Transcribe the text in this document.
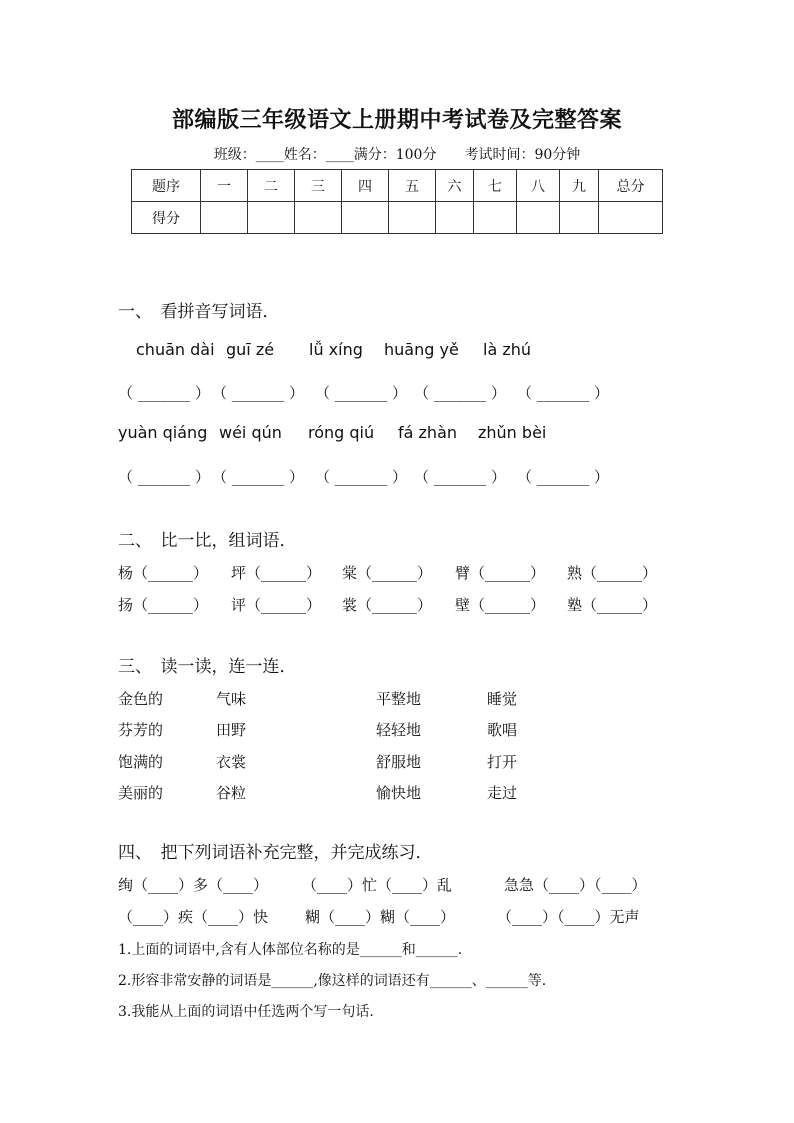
部编版三年级语文上册期中考试卷及完整答案
班级：____姓名：____满分：100分　　考试时间：90分钟
题序	一	二	三	四	五	六	七	八	九	总分
得分										
一、　看拼音写词语．
chuān dài guī zé lǚ xíng huāng yě là zhú
（ _______ ） （ _______ ） （ _______ ） （ _______ ） （ _______ ）
yuàn qiáng wéi qún róng qiú fá zhàn zhǔn bèi
（ _______ ） （ _______ ） （ _______ ） （ _______ ） （ _______ ）
二、　比一比，组词语．
杨（______） 坪（______） 棠（______） 臂（______） 熟（______）
扬（______） 评（______） 裳（______） 壁（______） 塾（______）
三、　读一读，连一连．
金色的	气味	平整地	睡觉
芬芳的	田野	轻轻地	歌唱
饱满的	衣裳	舒服地	打开
美丽的	谷粒	愉快地	走过
四、　把下列词语补充完整，并完成练习．
绚（____）多（____） （____）忙（____）乱	急急（____）（____）
（____）疾（____）快 糊（____）糊（____）	（____）（____）无声
1.上面的词语中,含有人体部位名称的是______和______.
2.形容非常安静的词语是______,像这样的词语还有______、______等.
3.我能从上面的词语中任选两个写一句话.
